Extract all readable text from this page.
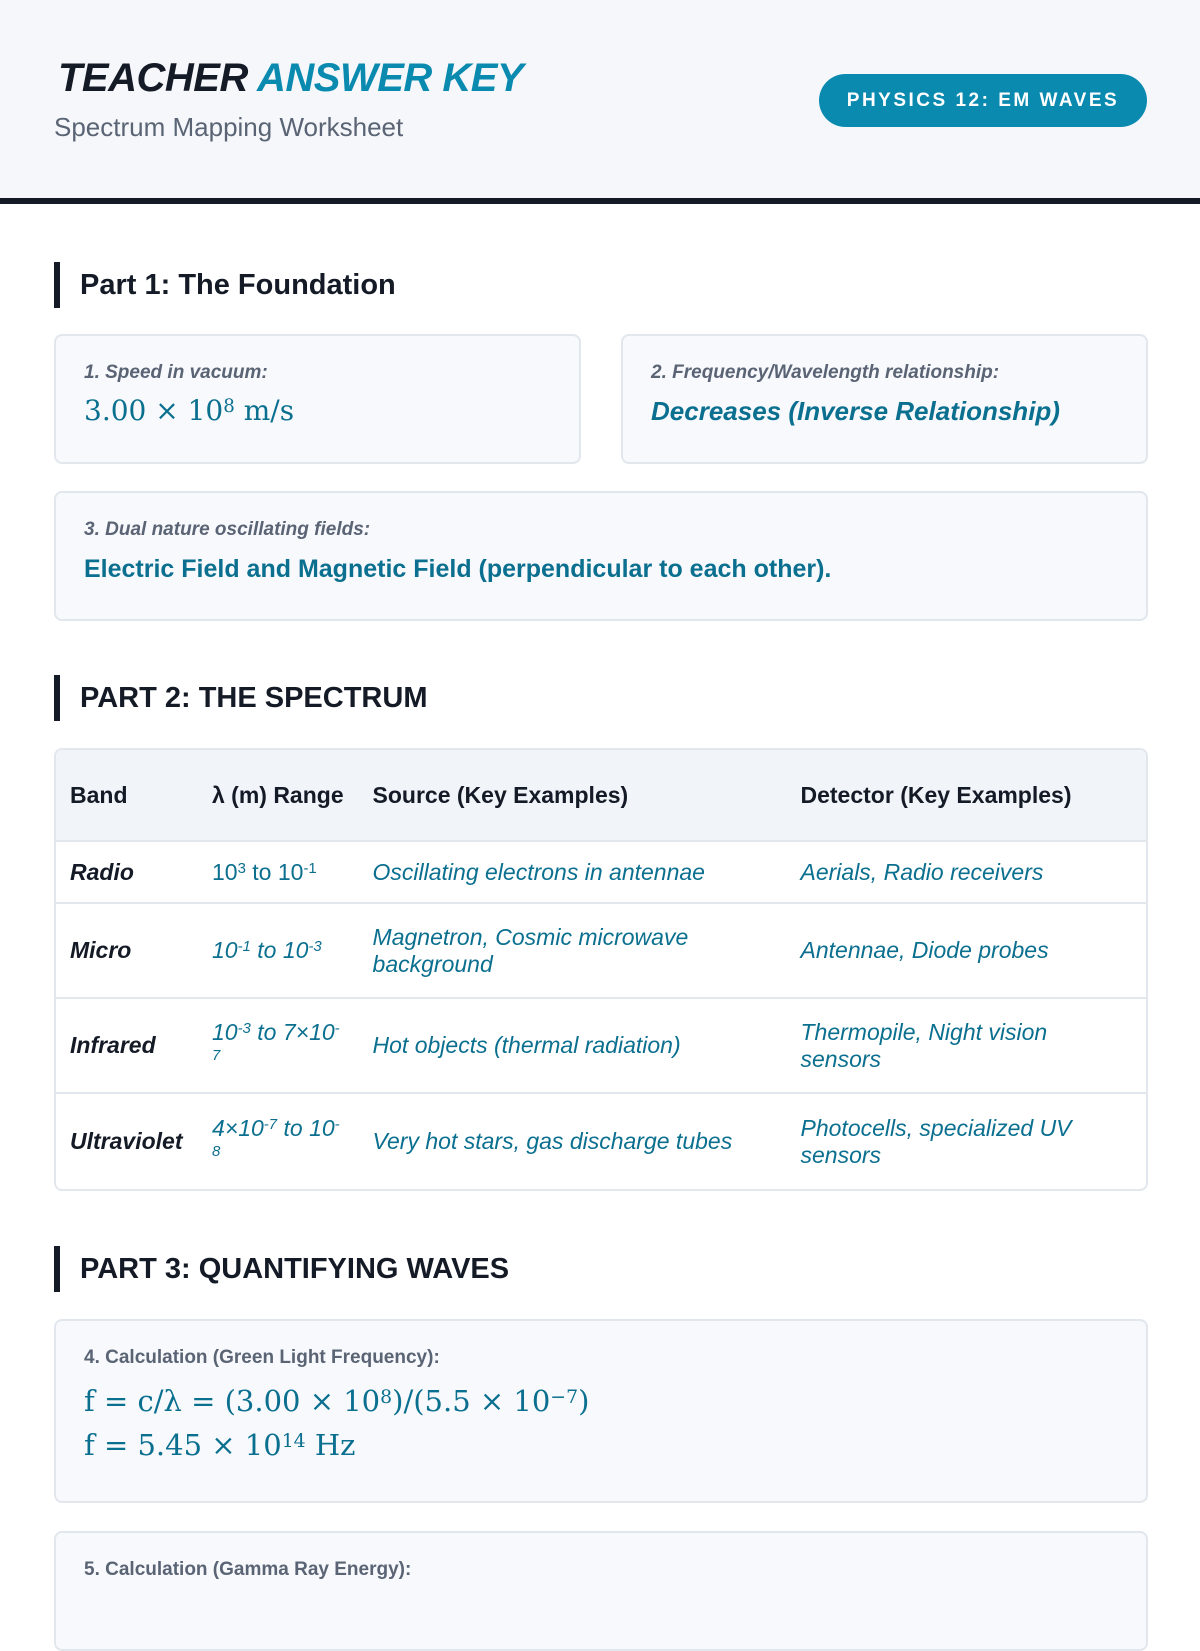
TEACHER ANSWER KEY
Spectrum Mapping Worksheet
PHYSICS 12: EM WAVES
Part 1: The Foundation
1. Speed in vacuum:
$3.00 \times 10^8$ m/s
2. Frequency/Wavelength relationship:
Decreases (Inverse Relationship)
3. Dual nature oscillating fields:
Electric Field and Magnetic Field (perpendicular to each other).
PART 2: THE SPECTRUM
Band	λ (m) Range	Source (Key Examples)	Detector (Key Examples)
Radio	$10^3$ to $10^{-1}$	Oscillating electrons in antennae	Aerials, Radio receivers
Micro	$10^{-1}$ to $10^{-3}$	Magnetron, Cosmic microwave background	Antennae, Diode probes
Infrared	$10^{-3}$ to $7\times 10^{-7}$	Hot objects (thermal radiation)	Thermopile, Night vision sensors
Ultraviolet	$4\times 10^{-7}$ to $10^{-8}$	Very hot stars, gas discharge tubes	Photocells, specialized UV sensors
PART 3: QUANTIFYING WAVES
4. Calculation (Green Light Frequency):
$f = c/\lambda = (3.00 \times 10^8)/(5.5 \times 10^{-7})$
$f = 5.45 \times 10^{14}$ Hz
5. Calculation (Gamma Ray Energy):
